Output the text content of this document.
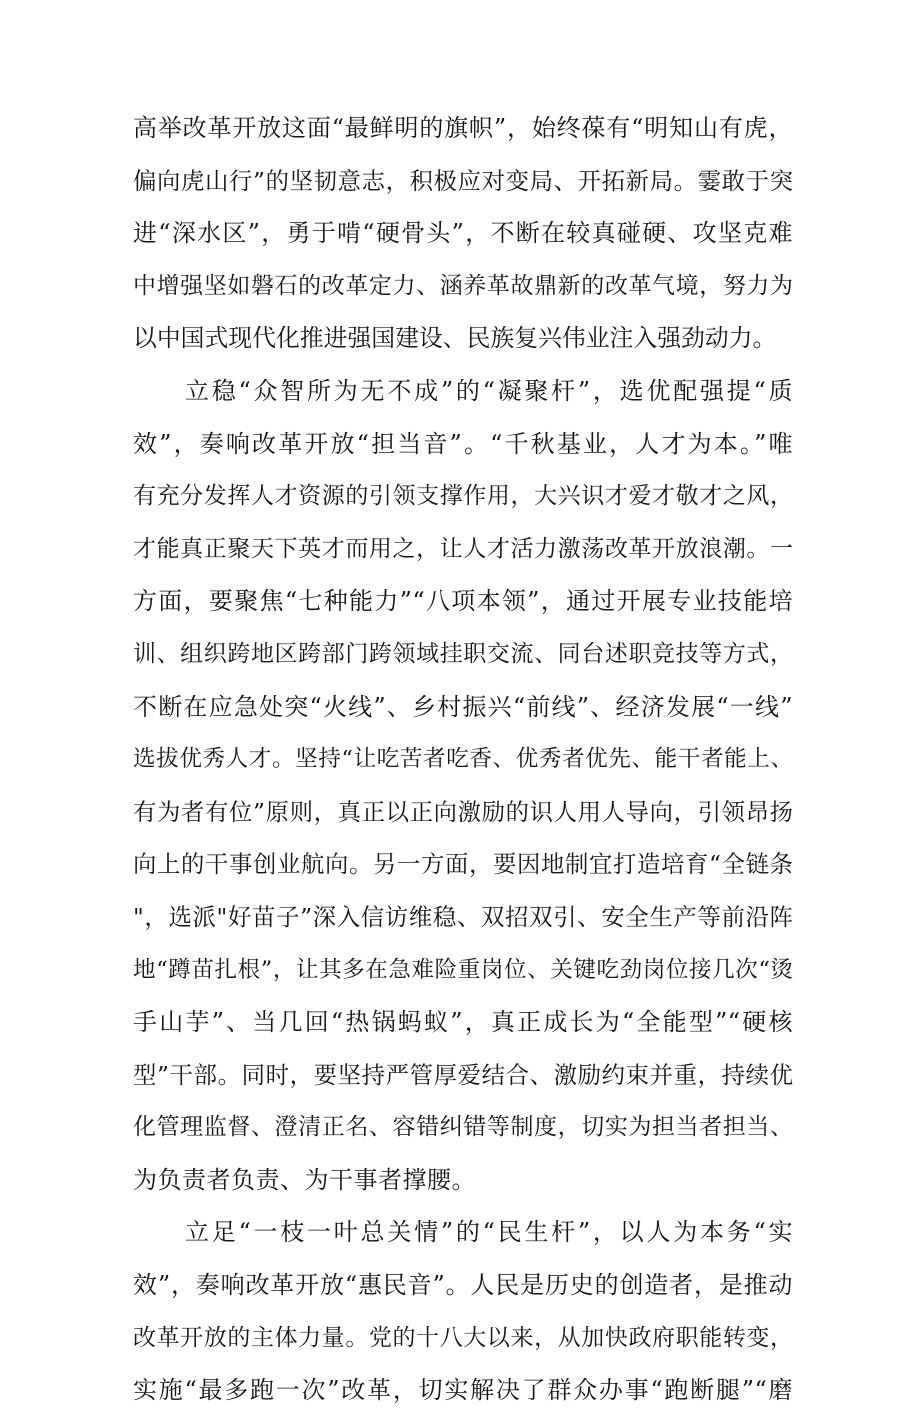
高举改革开放这面“最鲜明的旗帜”，始终葆有“明知山有虎，
偏向虎山行”的坚韧意志，积极应对变局、开拓新局。霎敢于突
进“深水区”，勇于啃“硬骨头”，不断在较真碰硬、攻坚克难
中增强坚如磐石的改革定力、涵养革故鼎新的改革气境，努力为
以中国式现代化推进强国建设、民族复兴伟业注入强劲动力。
立稳“众智所为无不成”的“凝聚杆”，选优配强提“质
效”，奏响改革开放“担当音”。“千秋基业，人才为本。”唯
有充分发挥人才资源的引领支撑作用，大兴识才爱才敬才之风，
才能真正聚天下英才而用之，让人才活力激荡改革开放浪潮。一
方面，要聚焦“七种能力”“八项本领”，通过开展专业技能培
训、组织跨地区跨部门跨领域挂职交流、同台述职竞技等方式，
不断在应急处突“火线”、乡村振兴“前线”、经济发展“一线”
选拔优秀人才。坚持“让吃苦者吃香、优秀者优先、能干者能上、
有为者有位”原则，真正以正向激励的识人用人导向，引领昂扬
向上的干事创业航向。另一方面，要因地制宜打造培育“全链条
"，选派"好苗子”深入信访维稳、双招双引、安全生产等前沿阵
地“蹲苗扎根”，让其多在急难险重岗位、关键吃劲岗位接几次“烫
手山芋”、当几回“热锅蚂蚁”，真正成长为“全能型”“硬核
型”干部。同时，要坚持严管厚爱结合、激励约束并重，持续优
化管理监督、澄清正名、容错纠错等制度，切实为担当者担当、
为负责者负责、为干事者撑腰。
立足“一枝一叶总关情”的“民生杆”，以人为本务“实
效”，奏响改革开放“惠民音”。人民是历史的创造者，是推动
改革开放的主体力量。党的十八大以来，从加快政府职能转变，
实施“最多跑一次”改革，切实解决了群众办事“跑断腿”“磨
